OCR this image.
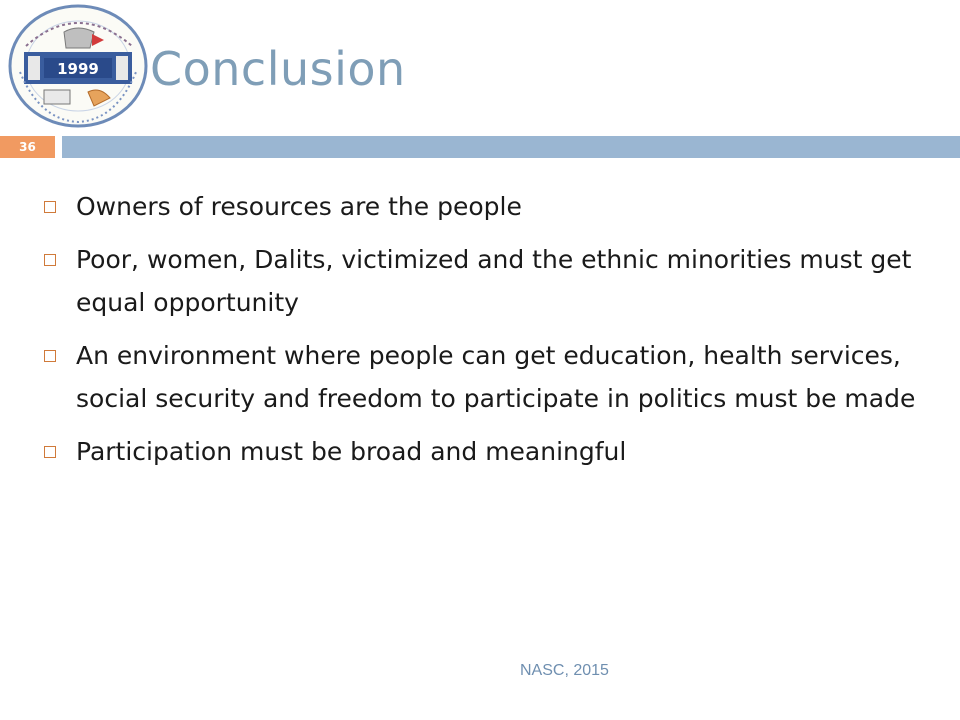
1999 Conclusion
36
Owners of resources are the people
Poor, women, Dalits, victimized and the ethnic minorities must get equal opportunity
An environment where people can get education, health services, social security and freedom to participate in politics must be made
Participation must be broad and meaningful
NASC, 2015
